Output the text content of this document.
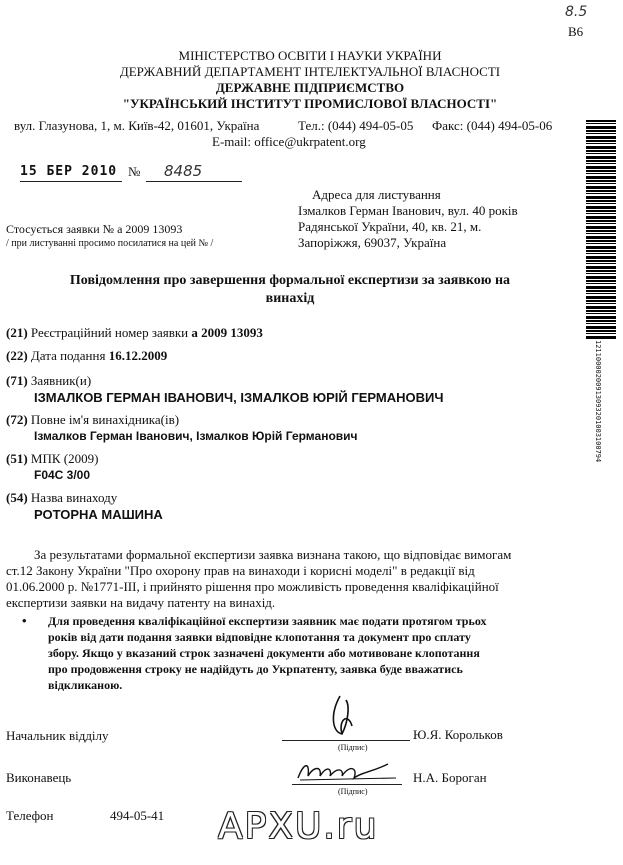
8.5
B6
МІНІСТЕРСТВО ОСВІТИ І НАУКИ УКРАЇНИ
ДЕРЖАВНИЙ ДЕПАРТАМЕНТ ІНТЕЛЕКТУАЛЬНОЇ ВЛАСНОСТІ
ДЕРЖАВНЕ ПІДПРИЄМСТВО
"УКРАЇНСЬКИЙ ІНСТИТУТ ПРОМИСЛОВОЇ ВЛАСНОСТІ"
вул. Глазунова, 1, м. Київ-42, 01601, Україна	Тел.: (044) 494-05-05 Факс: (044) 494-05-06
E-mail: office@ukrpatent.org
12110000200913093201003100794
15 БЕР 2010 №	8485
Стосується заявки № а 2009 13093
/ при листуванні просимо посилатися на цей № /
Адреса для листування
Ізмалков Герман Іванович, вул. 40 років
Радянської України, 40, кв. 21, м.
Запоріжжя, 69037, Україна
Повідомлення про завершення формальної експертизи за заявкою на
винахід
(21) Реєстраційний номер заявки а 2009 13093
(22) Дата подання 16.12.2009
(71) Заявник(и)
ІЗМАЛКОВ ГЕРМАН ІВАНОВИЧ, ІЗМАЛКОВ ЮРІЙ ГЕРМАНОВИЧ
(72) Повне ім'я винахідника(ів)
Ізмалков Герман Іванович, Ізмалков Юрій Германович
(51) МПК (2009)
F04C 3/00
(54) Назва винаходу
РОТОРНА МАШИНА
За результатами формальної експертизи заявка визнана такою, що відповідає вимогам
ст.12 Закону України "Про охорону прав на винаходи і корисні моделі" в редакції від
01.06.2000 р. №1771-ІІІ, і прийнято рішення про можливість проведення кваліфікаційної
експертизи заявки на видачу патенту на винахід.
• Для проведення кваліфікаційної експертизи заявник має подати протягом трьох
років від дати подання заявки відповідне клопотання та документ про сплату
збору. Якщо у вказаний строк зазначені документи або мотивоване клопотання
про продовження строку не надійдуть до Укрпатенту, заявка буде вважатись
відкликаною.
Начальник відділу
(Підпис)
Ю.Я. Корольков
Виконавець
(Підпис)
Н.А. Бороган
Телефон	494-05-41 APXU.ru
